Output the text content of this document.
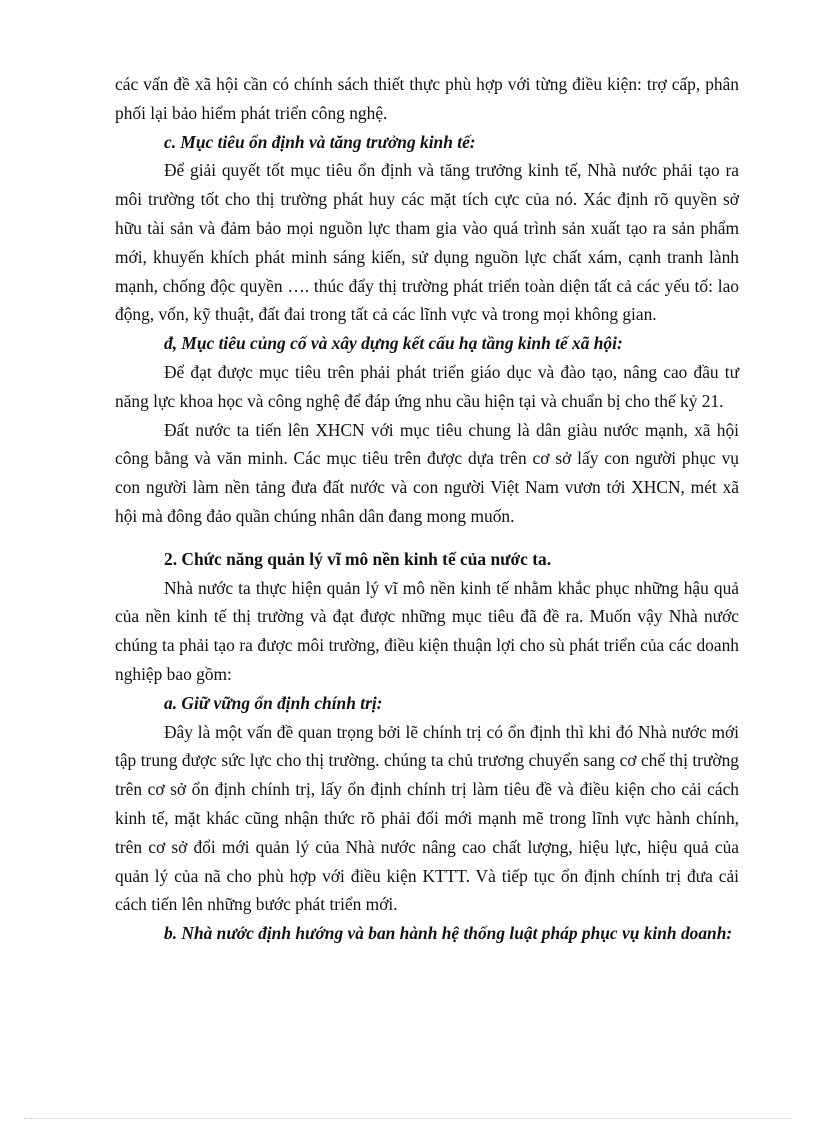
các vấn đề xã hội cần có chính sách thiết thực phù hợp với từng điều kiện: trợ cấp, phân phối lại bảo hiểm phát triển công nghệ.

c. Mục tiêu ổn định và tăng trưởng kinh tế:

Để giải quyết tốt mục tiêu ổn định và tăng trưởng kinh tế, Nhà nước phải tạo ra môi trường tốt cho thị trường phát huy các mặt tích cực của nó. Xác định rõ quyền sở hữu tài sản và đảm bảo mọi nguồn lực tham gia vào quá trình sản xuất tạo ra sản phẩm mới, khuyến khích phát minh sáng kiến, sử dụng nguồn lực chất xám, cạnh tranh lành mạnh, chống độc quyền …. thúc đẩy thị trường phát triển toàn diện tất cả các yếu tố: lao động, vốn, kỹ thuật, đất đai trong tất cả các lĩnh vực và trong mọi không gian.

đ, Mục tiêu củng cố và xây dựng kết cấu hạ tầng kinh tế xã hội:

Để đạt được mục tiêu trên phải phát triển giáo dục và đào tạo, nâng cao đầu tư năng lực khoa học và công nghệ để đáp ứng nhu cầu hiện tại và chuẩn bị cho thế kỷ 21.

Đất nước ta tiến lên XHCN với mục tiêu chung là dân giàu nước mạnh, xã hội công bằng và văn minh. Các mục tiêu trên được dựa trên cơ sở lấy con người phục vụ con người làm nền tảng đưa đất nước và con người Việt Nam vươn tới XHCN, mét xã hội mà đông đảo quần chúng nhân dân đang mong muốn.

2. Chức năng quản lý vĩ mô nền kinh tế của nước ta.

Nhà nước ta thực hiện quản lý vĩ mô nền kinh tế nhằm khắc phục những hậu quả của nền kinh tế thị trường và đạt được những mục tiêu đã đề ra. Muốn vậy Nhà nước chúng ta phải tạo ra được môi trường, điều kiện thuận lợi cho sù phát triển của các doanh nghiệp bao gồm:

a. Giữ vững ổn định chính trị:

Đây là một vấn đề quan trọng bởi lẽ chính trị có ổn định thì khi đó Nhà nước mới tập trung được sức lực cho thị trường. chúng ta chủ trương chuyển sang cơ chế thị trường trên cơ sở ổn định chính trị, lấy ổn định chính trị làm tiêu đề và điều kiện cho cải cách kinh tế, mặt khác cũng nhận thức rõ phải đổi mới mạnh mẽ trong lĩnh vực hành chính, trên cơ sở đổi mới quản lý của Nhà nước nâng cao chất lượng, hiệu lực, hiệu quả của quản lý của nã cho phù hợp với điều kiện KTTT. Và tiếp tục ổn định chính trị đưa cải cách tiến lên những bước phát triển mới.

b. Nhà nước định hướng và ban hành hệ thống luật pháp phục vụ kinh doanh:
